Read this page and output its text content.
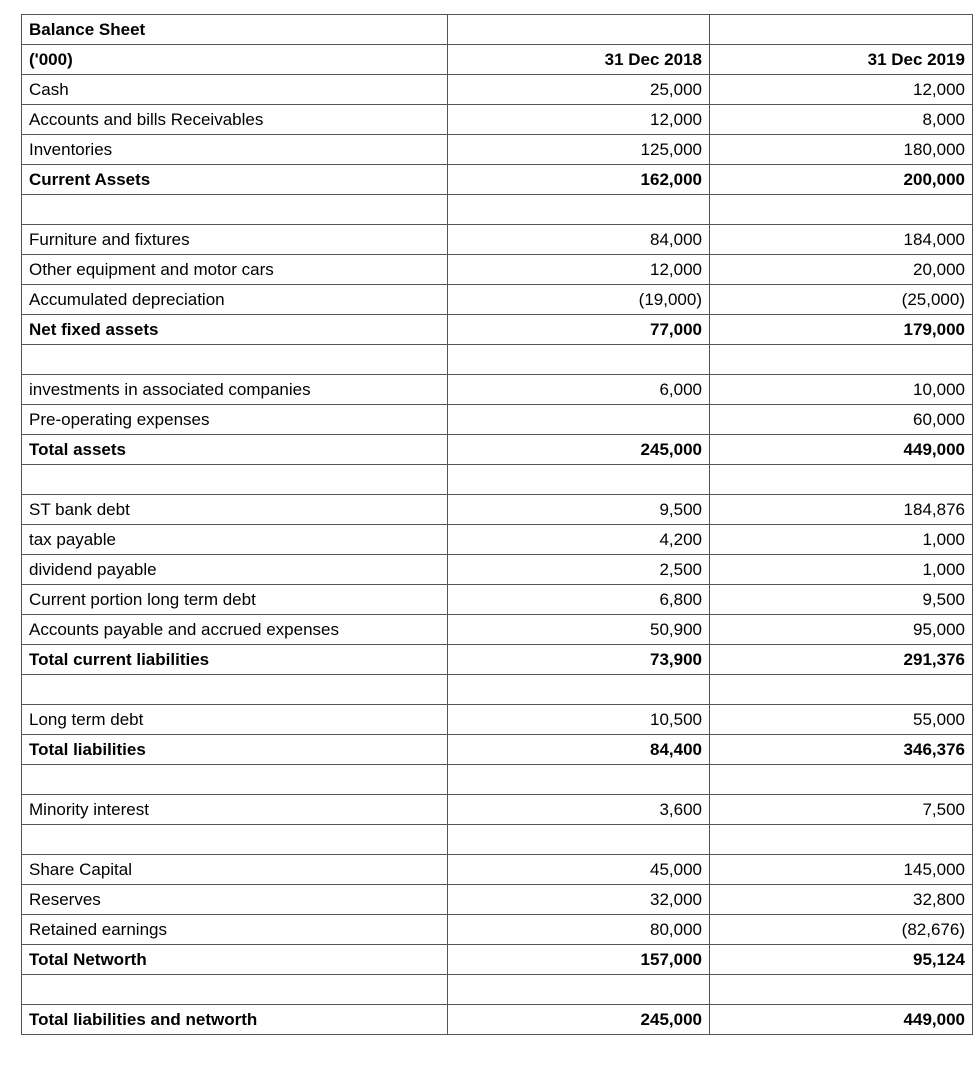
Balance Sheet		
('000)	31 Dec 2018	31 Dec 2019
Cash	25,000	12,000
Accounts and bills Receivables	12,000	8,000
Inventories	125,000	180,000
Current Assets	162,000	200,000

Furniture and fixtures	84,000	184,000
Other equipment and motor cars	12,000	20,000
Accumulated depreciation	(19,000)	(25,000)
Net fixed assets	77,000	179,000

investments in associated companies	6,000	10,000
Pre-operating expenses		60,000
Total assets	245,000	449,000

ST bank debt	9,500	184,876
tax payable	4,200	1,000
dividend payable	2,500	1,000
Current portion long term debt	6,800	9,500
Accounts payable and accrued expenses	50,900	95,000
Total current liabilities	73,900	291,376

Long term debt	10,500	55,000
Total liabilities	84,400	346,376

Minority interest	3,600	7,500

Share Capital	45,000	145,000
Reserves	32,000	32,800
Retained earnings	80,000	(82,676)
Total Networth	157,000	95,124

Total liabilities and networth	245,000	449,000
